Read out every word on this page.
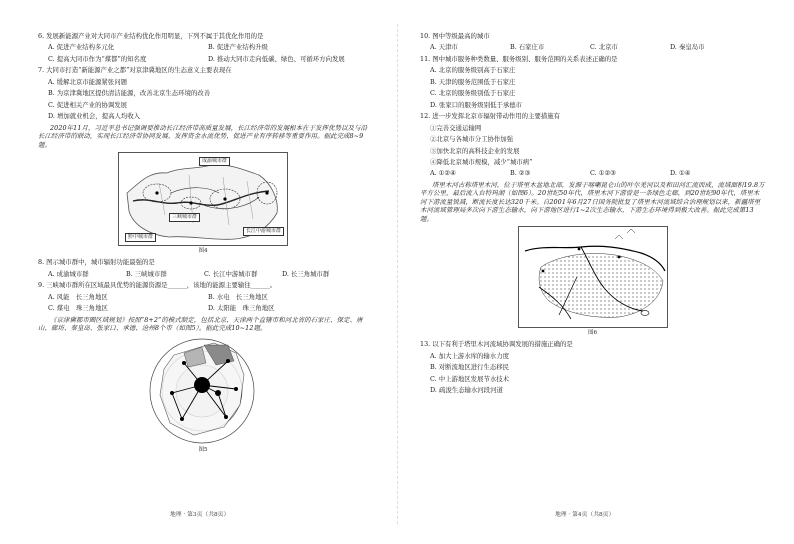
6. 发展新能源产业对大同市产业结构优化作用明显，下列不属于其优化作用的是
A. 促进产业结构多元化	B. 促进产业结构升级
C. 提高大同市作为“煤都”的知名度	D. 推动大同市走向低碳、绿色、可循环方向发展
7. 大同市打造“新能源产业之都”对京津冀地区的生态意义主要表现在
A. 缓解北京市能源紧张问题
B. 为京津冀地区提供清洁能源，改善北京生态环境的改善
C. 促进相关产业的协调发展
D. 增加就业机会，提高人均收入
2020年11月，习近平总书记强调要推动长江经济带高质量发展，长江经济带的发展根本在于发挥优势以及与沿长江经济带的联动，实现长江经济带协同发展、发挥资金水流优势、促进产业有序转移等重要作用。据此完成8~9题。
成渝城市群
三峡城市群
黔中城市群
长江中游城市群
图4
8. 图示城市群中，城市辐射功能最强的是
A. 成渝城市群	B. 三峡城市群	C. 长江中游城市群	D. 长三角城市群
9. 三峡城市群所在区域最具优势的能源资源是______，该地的能源主要输往______。
A. 风能　长三角地区	B. 水电　长三角地区
C. 煤电　珠三角地区	D. 太阳能　珠三角地区
《京津冀都市圈区域规划》按照“8+2”的模式制定，包括北京、天津两个直辖市和河北省的石家庄、保定、唐山、廊坊、秦皇岛、张家口、承德、沧州8个市（如图5）。据此完成10~12题。
图5
10. 图中等级最高的城市
A. 天津市	B. 石家庄市	C. 北京市	D. 秦皇岛市
11. 图中城市服务种类数量、服务级别、服务范围的关系表述正确的是
A. 北京的服务级别高于石家庄
B. 天津的服务范围低于石家庄
C. 北京的服务级别低于石家庄
D. 张家口的服务级别低于承德市
12. 进一步发挥北京市辐射带动作用的主要措施有
①完善交通运输网
②北京与各城市分工协作加强
③加快北京的高科技企业的发展
④降低北京城市规模，减少“城市病”
A. ①②④	B. ②③	C. ①②③	D. ①④
塔里木河古称塔里木河，位于塔里木盆地北部，发源于喀喇昆仑山的叶尔羌河以及和田河汇流而成，流域面积19.8万平方公里，最后流入台特玛湖（如图6）。20世纪50年代，塔里木河下游曾是一条绿色走廊，到20世纪90年代，塔里木河下游流量锐减，断流长度长达320千米。自2001年6月27日国务院批复了塔里木河流域综合治理规划以来，新疆塔里木河流域管理局多次向下游生态输水，向下游地区进行1~2次生态输水，下游生态环境得到极大改善。据此完成第13题。
图6
13. 以下有利于塔里木河流域协调发展的措施正确的是
A. 加大上游水库的输水力度
B. 对断流地区进行生态移民
C. 中上游地区发展节水技术
D. 疏浚生态输水河段河道
地理 · 第3页（共8页）	地理 · 第4页（共8页）
